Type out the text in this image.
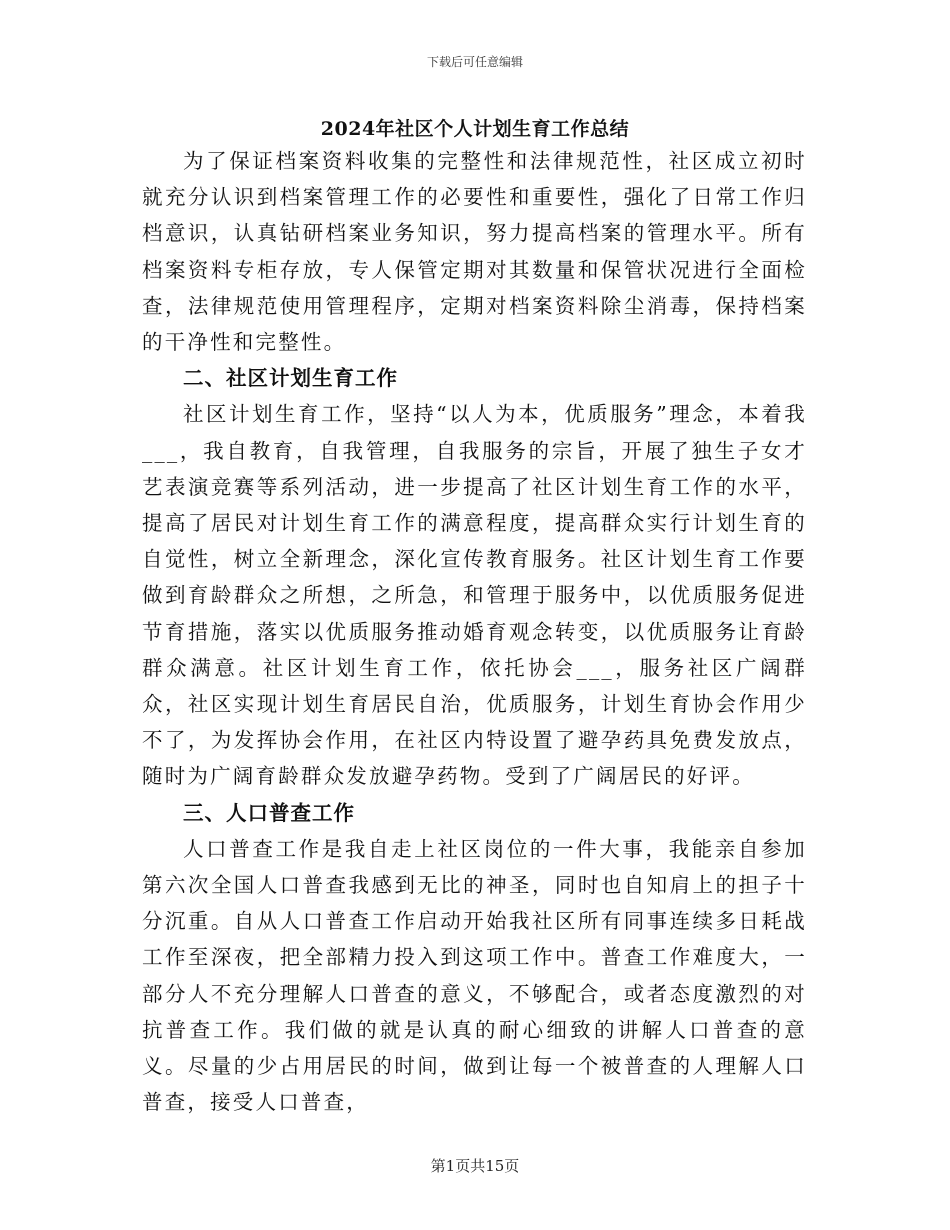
下载后可任意编辑
2024年社区个人计划生育工作总结

为了保证档案资料收集的完整性和法律规范性，社区成立初时就充分认识到档案管理工作的必要性和重要性，强化了日常工作归档意识，认真钻研档案业务知识，努力提高档案的管理水平。所有档案资料专柜存放，专人保管定期对其数量和保管状况进行全面检查，法律规范使用管理程序，定期对档案资料除尘消毒，保持档案的干净性和完整性。

二、社区计划生育工作

社区计划生育工作，坚持“以人为本，优质服务”理念，本着我___，我自教育，自我管理，自我服务的宗旨，开展了独生子女才艺表演竞赛等系列活动，进一步提高了社区计划生育工作的水平，提高了居民对计划生育工作的满意程度，提高群众实行计划生育的自觉性，树立全新理念，深化宣传教育服务。社区计划生育工作要做到育龄群众之所想，之所急，和管理于服务中，以优质服务促进节育措施，落实以优质服务推动婚育观念转变，以优质服务让育龄群众满意。社区计划生育工作，依托协会___，服务社区广阔群众，社区实现计划生育居民自治，优质服务，计划生育协会作用少不了，为发挥协会作用，在社区内特设置了避孕药具免费发放点，随时为广阔育龄群众发放避孕药物。受到了广阔居民的好评。

三、人口普查工作

人口普查工作是我自走上社区岗位的一件大事，我能亲自参加第六次全国人口普查我感到无比的神圣，同时也自知肩上的担子十分沉重。自从人口普查工作启动开始我社区所有同事连续多日耗战工作至深夜，把全部精力投入到这项工作中。普查工作难度大，一部分人不充分理解人口普查的意义，不够配合，或者态度激烈的对抗普查工作。我们做的就是认真的耐心细致的讲解人口普查的意义。尽量的少占用居民的时间，做到让每一个被普查的人理解人口普查，接受人口普查，

第1页共15页
